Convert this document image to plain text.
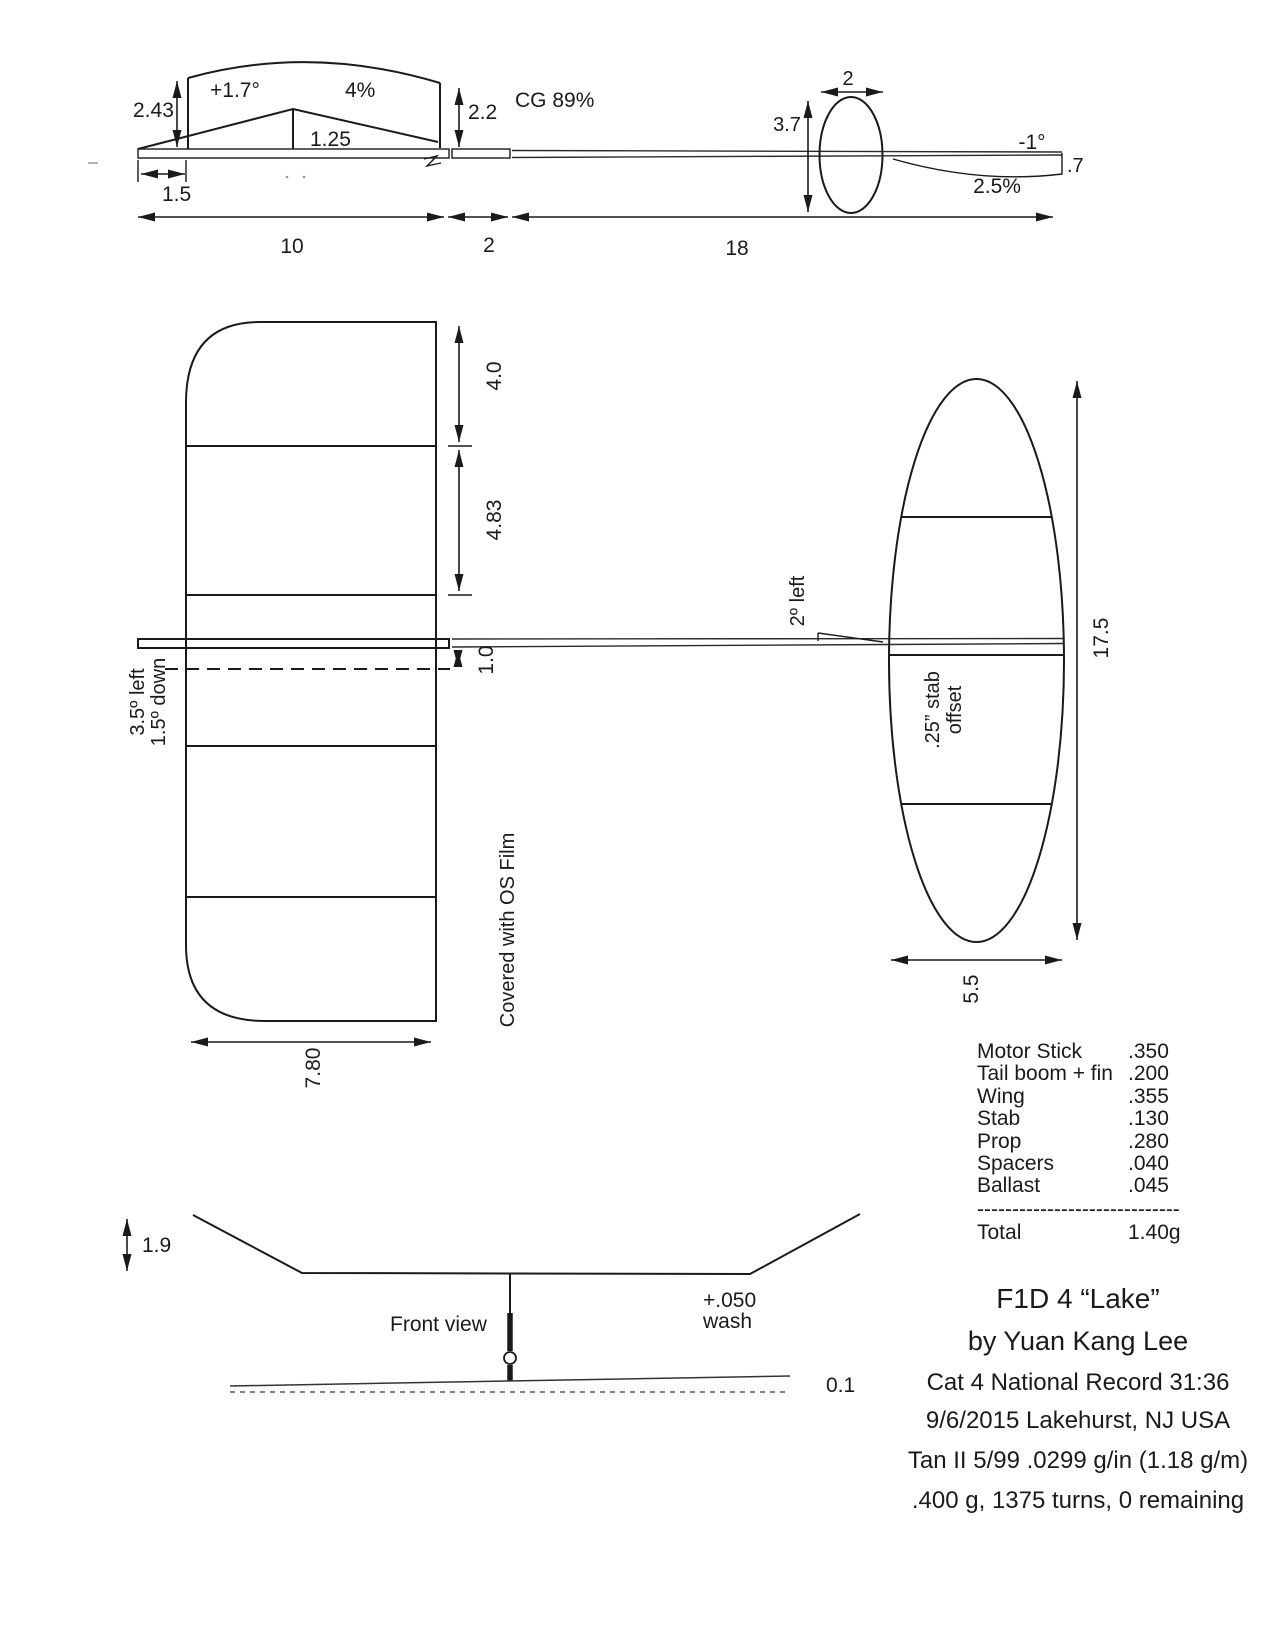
2.43
+1.7°	4%
1.25
2.2
CG 89%
1.5
10	2	18
2
3.7
-1°
2.5%
.7
4.0
4.83
1.0
7.80
3.5º left 1.5º down
Covered with OS Film
17.5
5.5
.25” stab offset
2º left
1.9
Front view
+.050
wash
0.1
Motor Stick .350
Tail boom + fin .200
Wing	.355
Stab	.130
Prop	.280
Spacers	.040
Ballast	.045
-----------------------------
Total	1.40g
F1D 4 “Lake”
by Yuan Kang Lee
Cat 4 National Record 31:36
9/6/2015 Lakehurst, NJ USA
Tan II 5/99 .0299 g/in (1.18 g/m)
.400 g, 1375 turns, 0 remaining
